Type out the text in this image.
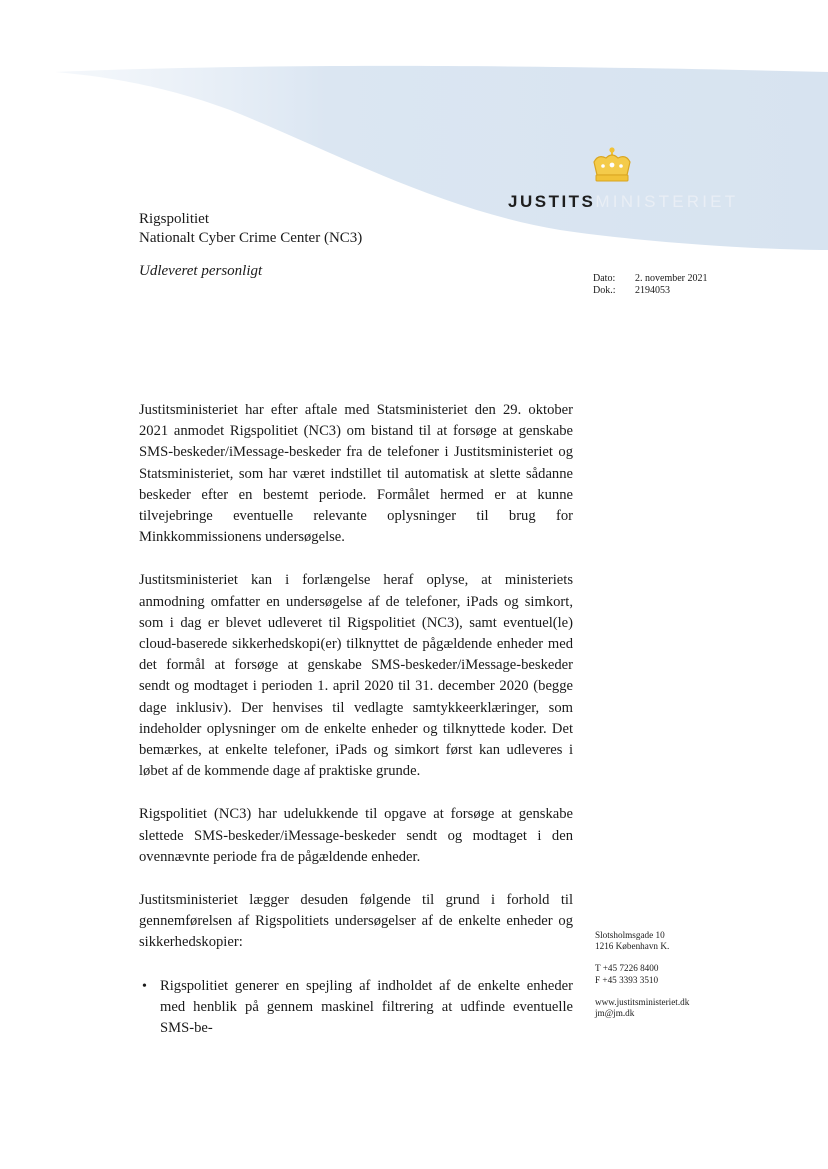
JUSTITSMINISTERIET
Rigspolitiet
Nationalt Cyber Crime Center (NC3)
Udleveret personligt	Dato:	2. november 2021
Dok.:	2194053

Justitsministeriet har efter aftale med Statsministeriet den 29. oktober 2021 anmodet Rigspolitiet (NC3) om bistand til at forsøge at genskabe SMS-beskeder/iMessage-beskeder fra de telefoner i Justitsministeriet og Statsministeriet, som har været indstillet til automatisk at slette sådanne beskeder efter en bestemt periode. Formålet hermed er at kunne tilvejebringe eventuelle relevante oplysninger til brug for Minkkommissionens undersøgelse.

Justitsministeriet kan i forlængelse heraf oplyse, at ministeriets anmodning omfatter en undersøgelse af de telefoner, iPads og simkort, som i dag er blevet udleveret til Rigspolitiet (NC3), samt eventuel(le) cloud-baserede sikkerhedskopi(er) tilknyttet de pågældende enheder med det formål at forsøge at genskabe SMS-beskeder/iMessage-beskeder sendt og modtaget i perioden 1. april 2020 til 31. december 2020 (begge dage inklusiv). Der henvises til vedlagte samtykkeerklæringer, som indeholder oplysninger om de enkelte enheder og tilknyttede koder. Det bemærkes, at enkelte telefoner, iPads og simkort først kan udleveres i løbet af de kommende dage af praktiske grunde.

Rigspolitiet (NC3) har udelukkende til opgave at forsøge at genskabe slettede SMS-beskeder/iMessage-beskeder sendt og modtaget i den ovennævnte periode fra de pågældende enheder.

Justitsministeriet lægger desuden følgende til grund i forhold til gennemførelsen af Rigspolitiets undersøgelser af de enkelte enheder og sikkerhedskopier:

• Rigspolitiet generer en spejling af indholdet af de enkelte enheder med henblik på gennem maskinel filtrering at udfinde eventuelle SMS-be-
Slotsholmsgade 10
1216 København K.
T +45 7226 8400
F +45 3393 3510
www.justitsministeriet.dk
jm@jm.dk
